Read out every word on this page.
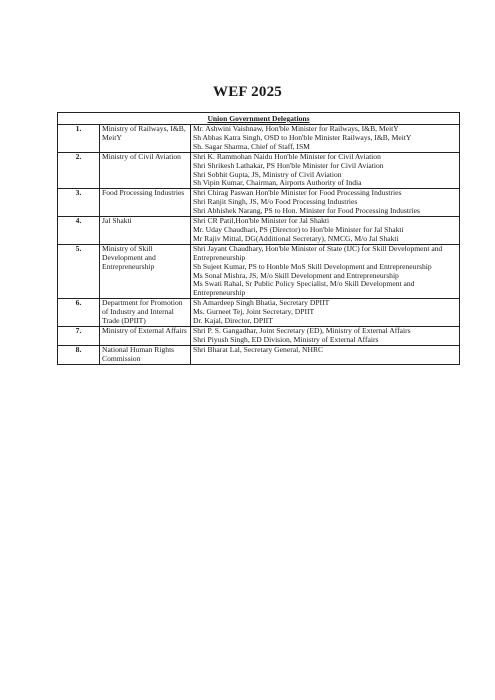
WEF 2025
Union Government Delegations		
1.	Ministry of Railways, I&B, MeitY	Mr. Ashwini Vaishnaw, Hon'ble Minister for Railways, I&B, MeitY
Sh Abhas Katra Singh, OSD to Hon'ble Minister Railways, I&B, MeitY
Sh. Sagar Sharma, Chief of Staff, ISM

2.	Ministry of Civil Aviation	Shri K. Rammohan Naidu Hon'ble Minister for Civil Aviation
Shri Shrikesh Lathakar, PS Hon'ble Minister for Civil Aviation
Shri Sobhit Gupta, JS, Ministry of Civil Aviation
Sh Vipin Kumar, Chairman, Airports Authority of India

3.	Food Processing Industries	Shri Chirag Paswan Hon'ble Minister for Food Processing Industries
Shri Ranjit Singh, JS, M/o Food Processing Industries
Shri Abhishek Narang, PS to Hon. Minister for Food Processing Industries

4.	Jal Shakti	Shri CR Patil,Hon'ble Minister for Jal Shakti
Mr. Uday Chaudhari, PS (Director) to Hon'ble Minister for Jal Shakti
Mr Rajiv Mittal, DG(Additional Secretary), NMCG, M/o Jal Shakti

5.	Ministry of Skill Development and Entrepreneurship	Shri Jayant Chaudhary, Hon'ble Minister of State (IJC) for Skill Development and Entrepreneurship
Sh Sujeet Kumar, PS to Honble MoS Skill Development and Entrepreneurship
Ms Sonal Mishra, JS, M/o Skill Development and Entrepreneurship
Ms Swati Rahal, Sr Public Policy Specialist, M/o Skill Development and Entrepreneurship

6.	Department for Promotion of Industry and Internal Trade (DPIIT)	Sh Amardeep Singh Bhatia, Secretary DPIIT
Ms. Gurneet Tej, Joint Secretary, DPIIT
Dr. Kajal, Director, DPIIT

7.	Ministry of External Affairs	Shri P. S. Gangadhar, Joint Secretary (ED), Ministry of External Affairs
Shri Piyush Singh, ED Division, Ministry of External Affairs

8.	National Human Rights Commission	Shri Bharat Lal, Secretary General, NHRC
